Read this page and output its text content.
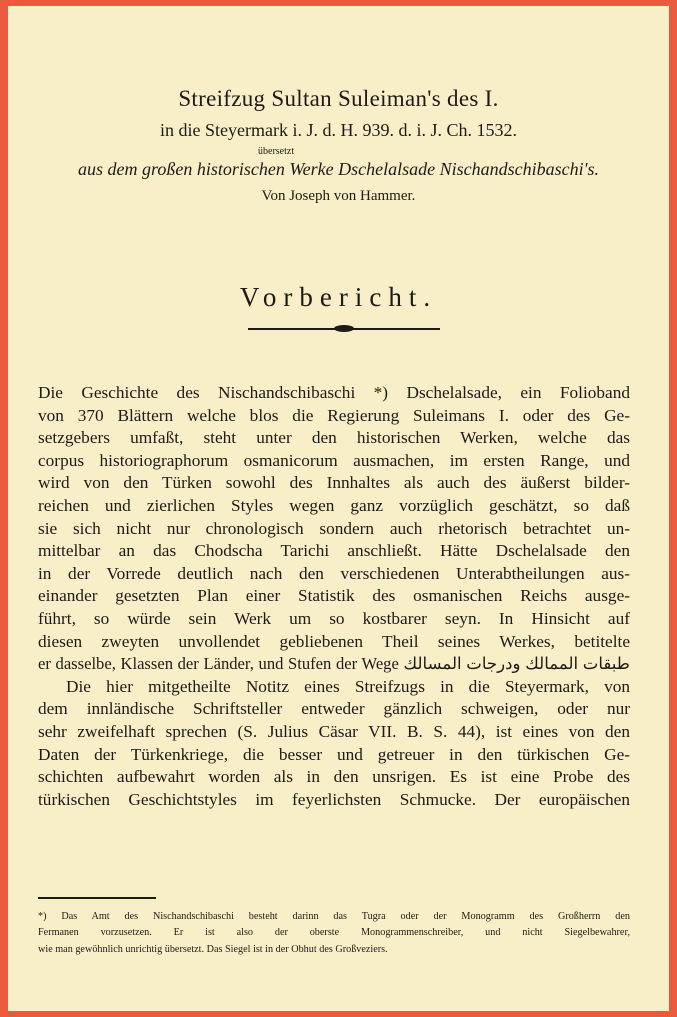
Streifzug Sultan Suleiman's des I.
in die Steyermark i. J. d. H. 939. d. i. J. Ch. 1532.
übersetzt
aus dem großen historischen Werke Dschelalsade Nischandschibaschi's.
Von Joseph von Hammer.
Vorbericht.
Die Geschichte des Nischandschibaschi *) Dschelalsade, ein Folioband
von 370 Blättern welche blos die Regierung Suleimans I. oder des Ge-
setzgebers umfaßt, steht unter den historischen Werken, welche das
corpus historiographorum osmanicorum ausmachen, im ersten Range, und
wird von den Türken sowohl des Innhaltes als auch des äußerst bilder-
reichen und zierlichen Styles wegen ganz vorzüglich geschätzt, so daß
sie sich nicht nur chronologisch sondern auch rhetorisch betrachtet un-
mittelbar an das Chodscha Tarichi anschließt. Hätte Dschelalsade den
in der Vorrede deutlich nach den verschiedenen Unterabtheilungen aus-
einander gesetzten Plan einer Statistik des osmanischen Reichs ausge-
führt, so würde sein Werk um so kostbarer seyn. In Hinsicht auf
diesen zweyten unvollendet gebliebenen Theil seines Werkes, betitelte
er dasselbe, Klassen der Länder, und Stufen der Wege طبقات الممالك ودرجات المسالك
Die hier mitgetheilte Notitz eines Streifzugs in die Steyermark, von
dem innländische Schriftsteller entweder gänzlich schweigen, oder nur
sehr zweifelhaft sprechen (S. Julius Cäsar VII. B. S. 44), ist eines von den
Daten der Türkenkriege, die besser und getreuer in den türkischen Ge-
schichten aufbewahrt worden als in den unsrigen. Es ist eine Probe des
türkischen Geschichtstyles im feyerlichsten Schmucke. Der europäischen
*) Das Amt des Nischandschibaschi besteht darinn das Tugra oder der Monogramm des Großherrn den
Fermanen vorzusetzen. Er ist also der oberste Monogrammenschreiber, und nicht Siegelbewahrer,
wie man gewöhnlich unrichtig übersetzt. Das Siegel ist in der Obhut des Großveziers.
